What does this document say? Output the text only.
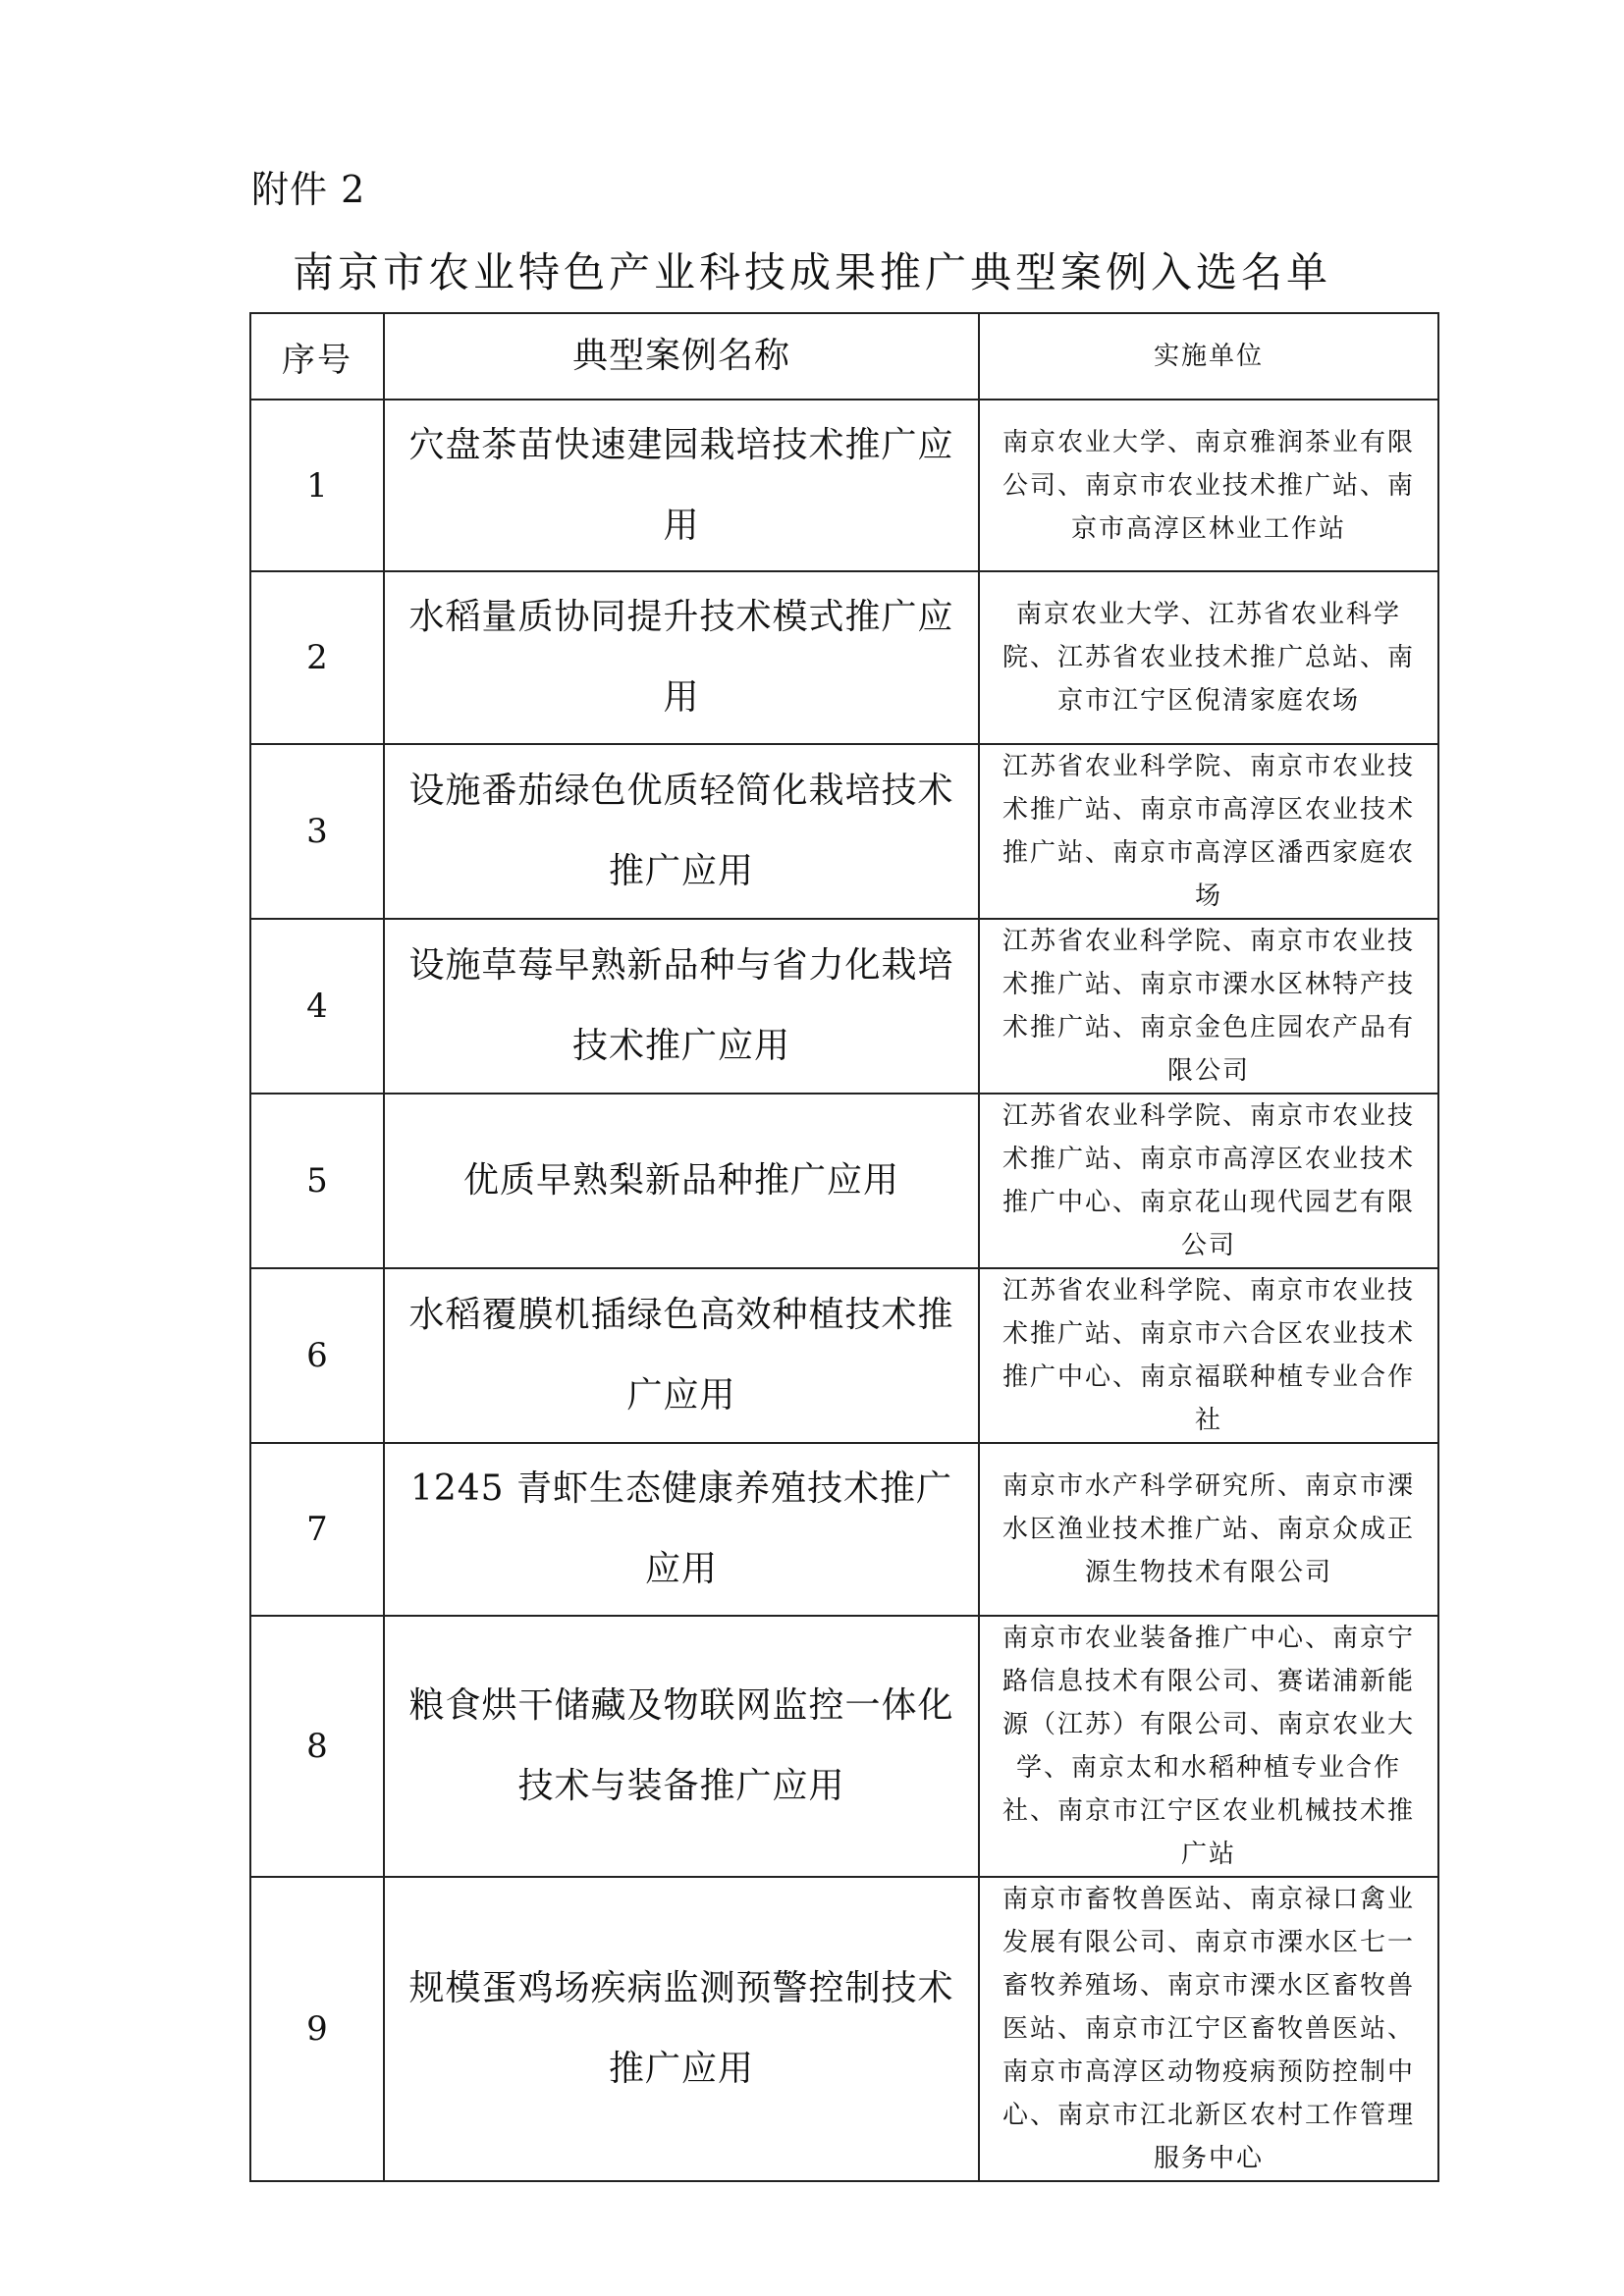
附件 2
南京市农业特色产业科技成果推广典型案例入选名单
序号	典型案例名称	实施单位
1	穴盘茶苗快速建园栽培技术推广应用	南京农业大学、南京雅润茶业有限公司、南京市农业技术推广站、南京市高淳区林业工作站
2	水稻量质协同提升技术模式推广应用	南京农业大学、江苏省农业科学院、江苏省农业技术推广总站、南京市江宁区倪清家庭农场
3	设施番茄绿色优质轻简化栽培技术推广应用	江苏省农业科学院、南京市农业技术推广站、南京市高淳区农业技术推广站、南京市高淳区潘西家庭农场
4	设施草莓早熟新品种与省力化栽培技术推广应用	江苏省农业科学院、南京市农业技术推广站、南京市溧水区林特产技术推广站、南京金色庄园农产品有限公司
5	优质早熟梨新品种推广应用	江苏省农业科学院、南京市农业技术推广站、南京市高淳区农业技术推广中心、南京花山现代园艺有限公司
6	水稻覆膜机插绿色高效种植技术推广应用	江苏省农业科学院、南京市农业技术推广站、南京市六合区农业技术推广中心、南京福联种植专业合作社
7	1245 青虾生态健康养殖技术推广应用	南京市水产科学研究所、南京市溧水区渔业技术推广站、南京众成正源生物技术有限公司
8	粮食烘干储藏及物联网监控一体化技术与装备推广应用	南京市农业装备推广中心、南京宁路信息技术有限公司、赛诺浦新能源（江苏）有限公司、南京农业大学、南京太和水稻种植专业合作社、南京市江宁区农业机械技术推广站
9	规模蛋鸡场疾病监测预警控制技术推广应用	南京市畜牧兽医站、南京禄口禽业发展有限公司、南京市溧水区七一畜牧养殖场、南京市溧水区畜牧兽医站、南京市江宁区畜牧兽医站、南京市高淳区动物疫病预防控制中心、南京市江北新区农村工作管理服务中心
